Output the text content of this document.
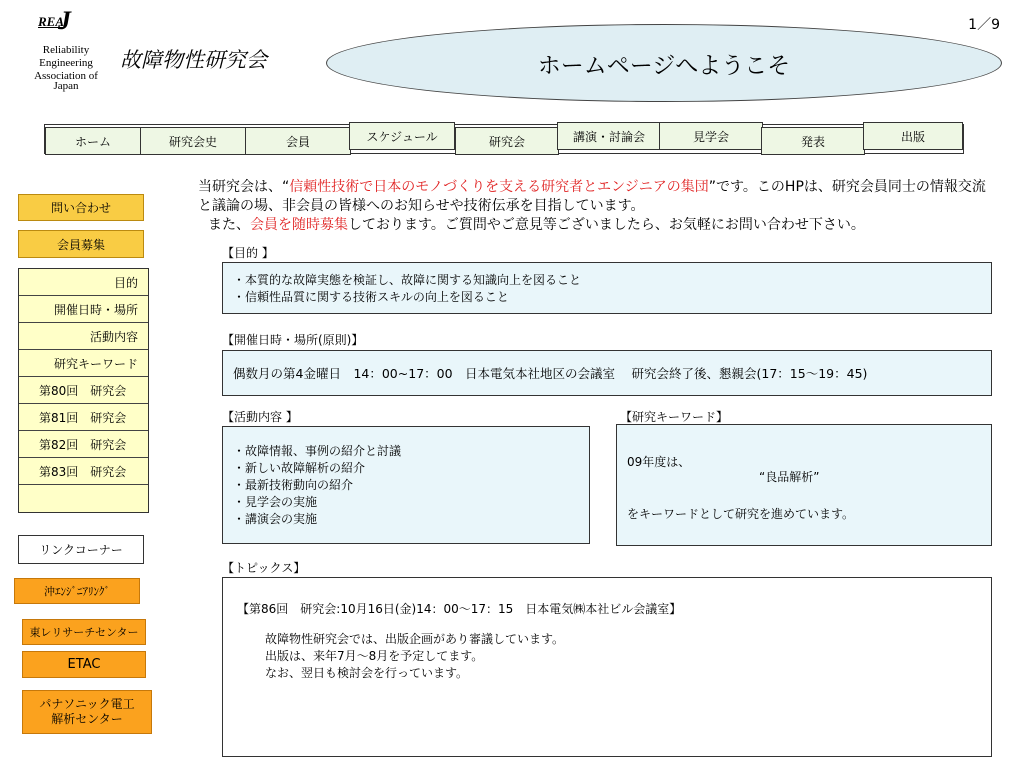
REA
J
Reliability
Engineering
Association of
Japan
故障物性研究会	ホームページへようこそ
1／9
ホーム	研究会史	会員	スケジュール	研究会	講演・討論会	見学会	発表	出版
問い合わせ
会員募集
目的
開催日時・場所
活動内容
研究キーワード
第80回　研究会
第81回　研究会
第82回　研究会
第83回　研究会
リンクコーナー
沖ｴﾝｼﾞﾆｱﾘﾝｸﾞ
東レリサーチセンター
ETAC
パナソニック電工解析センター
当研究会は、“信頼性技術で日本のモノづくりを支える研究者とエンジニアの集団”です。このHPは、研究会員同士の情報交流と議論の場、非会員の皆様へのお知らせや技術伝承を目指しています。
また、会員を随時募集しております。ご質問やご意見等ございましたら、お気軽にお問い合わせ下さい。
【目的 】
・本質的な故障実態を検証し、故障に関する知識向上を図ること
・信頼性品質に関する技術スキルの向上を図ること
【開催日時・場所(原則)】
偶数月の第4金曜日　14：00~17：00　日本電気本社地区の会議室　 研究会終了後、懇親会(17：15～19：45)
【活動内容 】
・故障情報、事例の紹介と討議
・新しい故障解析の紹介
・最新技術動向の紹介
・見学会の実施
・講演会の実施
【研究キーワード】
09年度は、
“良品解析”
をキーワードとして研究を進めています。
【トピックス】
【第86回　研究会:10月16日(金)14：00～17：15　日本電気㈱本社ビル会議室】
故障物性研究会では、出版企画があり審議しています。
出版は、来年7月～8月を予定してます。
なお、翌日も検討会を行っています。
